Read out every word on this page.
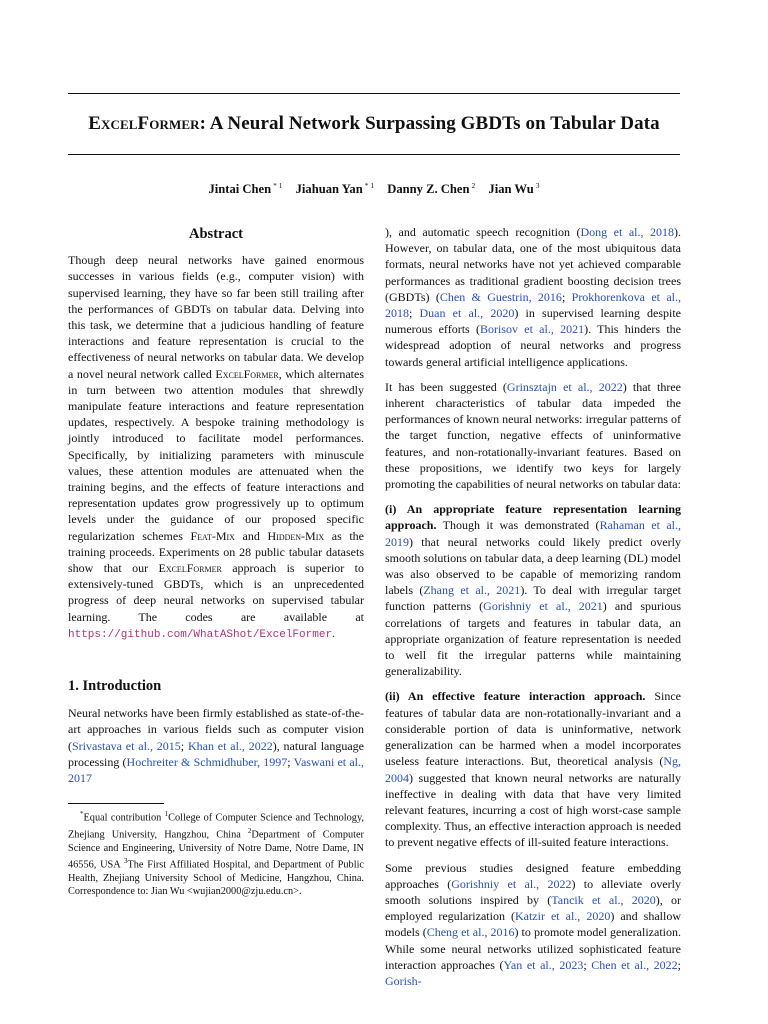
ExcelFormer: A Neural Network Surpassing GBDTs on Tabular Data
Jintai Chen $^{* 1}$ Jiahuan Yan $^{* 1}$ Danny Z. Chen $^2$ Jian Wu $^3$
Abstract

Though deep neural networks have gained enormous successes in various fields (e.g., computer vision) with supervised learning, they have so far been still trailing after the performances of GBDTs on tabular data. Delving into this task, we determine that a judicious handling of feature interactions and feature representation is crucial to the effectiveness of neural networks on tabular data. We develop a novel neural network called ExcelFormer, which alternates in turn between two attention modules that shrewdly manipulate feature interactions and feature representation updates, respectively. A bespoke training methodology is jointly introduced to facilitate model performances. Specifically, by initializing parameters with minuscule values, these attention modules are attenuated when the training begins, and the effects of feature interactions and representation updates grow progressively up to optimum levels under the guidance of our proposed specific regularization schemes Feat-Mix and Hidden-Mix as the training proceeds. Experiments on 28 public tabular datasets show that our ExcelFormer approach is superior to extensively-tuned GBDTs, which is an unprecedented progress of deep neural networks on supervised tabular learning. The codes are available at https://github.com/WhatAShot/ExcelFormer.

1. Introduction

Neural networks have been firmly established as state-of-the-art approaches in various fields such as computer vision (Srivastava et al., 2015; Khan et al., 2022), natural language processing (Hochreiter & Schmidhuber, 1997; Vaswani et al., 2017

*Equal contribution $^1$College of Computer Science and Technology, Zhejiang University, Hangzhou, China $^2$Department of Computer Science and Engineering, University of Notre Dame, Notre Dame, IN 46556, USA $^3$The First Affiliated Hospital, and Department of Public Health, Zhejiang University School of Medicine, Hangzhou, China. Correspondence to: Jian Wu <wujian2000@zju.edu.cn>.

), and automatic speech recognition (Dong et al., 2018). However, on tabular data, one of the most ubiquitous data formats, neural networks have not yet achieved comparable performances as traditional gradient boosting decision trees (GBDTs) (Chen & Guestrin, 2016; Prokhorenkova et al., 2018; Duan et al., 2020) in supervised learning despite numerous efforts (Borisov et al., 2021). This hinders the widespread adoption of neural networks and progress towards general artificial intelligence applications.

It has been suggested (Grinsztajn et al., 2022) that three inherent characteristics of tabular data impeded the performances of known neural networks: irregular patterns of the target function, negative effects of uninformative features, and non-rotationally-invariant features. Based on these propositions, we identify two keys for largely promoting the capabilities of neural networks on tabular data:

(i) An appropriate feature representation learning approach. Though it was demonstrated (Rahaman et al., 2019) that neural networks could likely predict overly smooth solutions on tabular data, a deep learning (DL) model was also observed to be capable of memorizing random labels (Zhang et al., 2021). To deal with irregular target function patterns (Gorishniy et al., 2021) and spurious correlations of targets and features in tabular data, an appropriate organization of feature representation is needed to well fit the irregular patterns while maintaining generalizability.

(ii) An effective feature interaction approach. Since features of tabular data are non-rotationally-invariant and a considerable portion of data is uninformative, network generalization can be harmed when a model incorporates useless feature interactions. But, theoretical analysis (Ng, 2004) suggested that known neural networks are naturally ineffective in dealing with data that have very limited relevant features, incurring a cost of high worst-case sample complexity. Thus, an effective interaction approach is needed to prevent negative effects of ill-suited feature interactions.

Some previous studies designed feature embedding approaches (Gorishniy et al., 2022) to alleviate overly smooth solutions inspired by (Tancik et al., 2020), or employed regularization (Katzir et al., 2020) and shallow models (Cheng et al., 2016) to promote model generalization. While some neural networks utilized sophisticated feature interaction approaches (Yan et al., 2023; Chen et al., 2022; Gorish-
